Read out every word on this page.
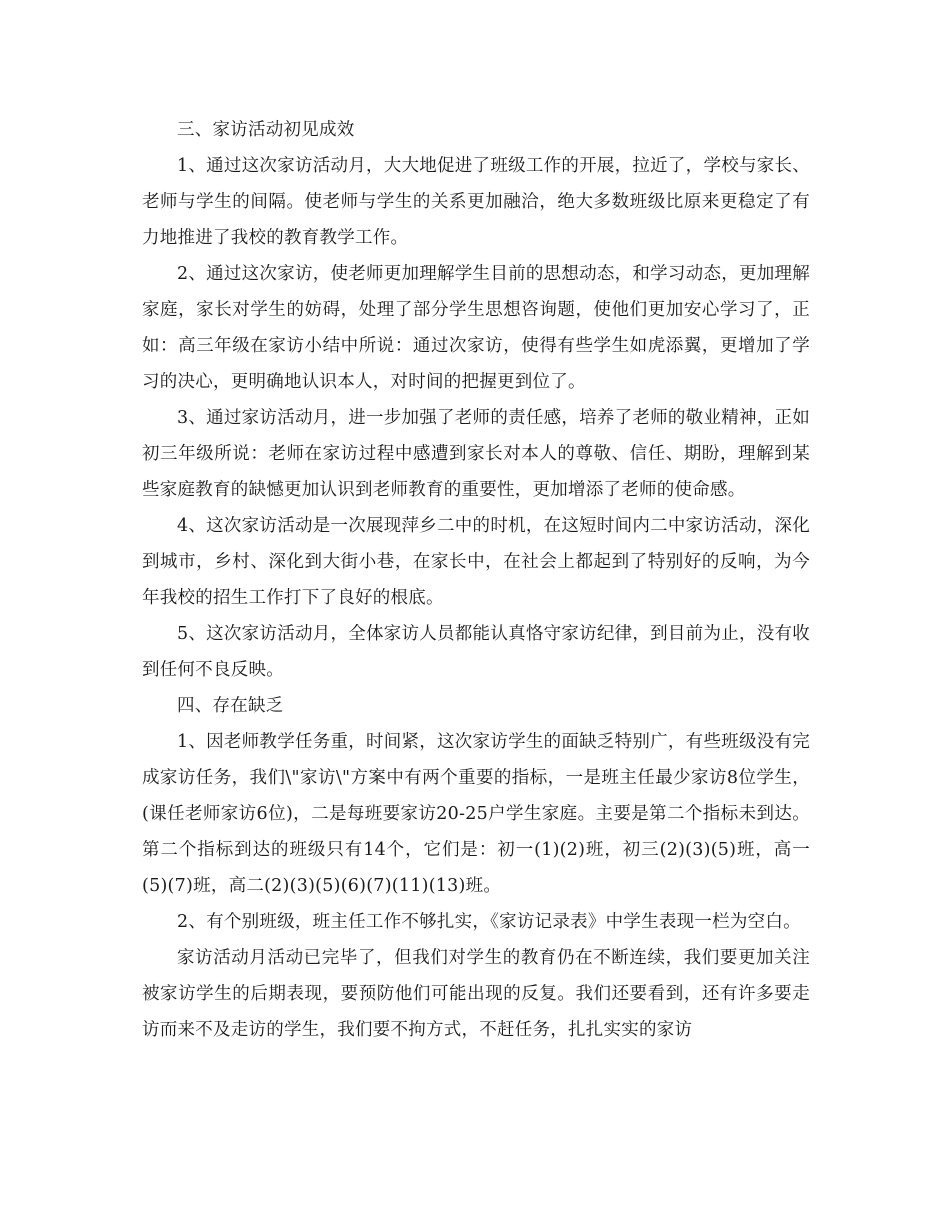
三、家访活动初见成效

1、通过这次家访活动月，大大地促进了班级工作的开展，拉近了，学校与家长、老师与学生的间隔。使老师与学生的关系更加融洽，绝大多数班级比原来更稳定了有力地推进了我校的教育教学工作。

2、通过这次家访，使老师更加理解学生目前的思想动态，和学习动态，更加理解家庭，家长对学生的妨碍，处理了部分学生思想咨询题，使他们更加安心学习了，正如：高三年级在家访小结中所说：通过次家访，使得有些学生如虎添翼，更增加了学习的决心，更明确地认识本人，对时间的把握更到位了。

3、通过家访活动月，进一步加强了老师的责任感，培养了老师的敬业精神，正如初三年级所说：老师在家访过程中感遭到家长对本人的尊敬、信任、期盼，理解到某些家庭教育的缺憾更加认识到老师教育的重要性，更加增添了老师的使命感。

4、这次家访活动是一次展现萍乡二中的时机，在这短时间内二中家访活动，深化到城市，乡村、深化到大街小巷，在家长中，在社会上都起到了特别好的反响，为今年我校的招生工作打下了良好的根底。

5、这次家访活动月，全体家访人员都能认真恪守家访纪律，到目前为止，没有收到任何不良反映。

四、存在缺乏

1、因老师教学任务重，时间紧，这次家访学生的面缺乏特别广，有些班级没有完成家访任务，我们\"家访\"方案中有两个重要的指标，一是班主任最少家访8位学生，(课任老师家访6位)，二是每班要家访20-25户学生家庭。主要是第二个指标未到达。第二个指标到达的班级只有14个，它们是：初一(1)(2)班，初三(2)(3)(5)班，高一(5)(7)班，高二(2)(3)(5)(6)(7)(11)(13)班。

2、有个别班级，班主任工作不够扎实，《家访记录表》中学生表现一栏为空白。

家访活动月活动已完毕了，但我们对学生的教育仍在不断连续，我们要更加关注被家访学生的后期表现，要预防他们可能出现的反复。我们还要看到，还有许多要走访而来不及走访的学生，我们要不拘方式，不赶任务，扎扎实实的家访
